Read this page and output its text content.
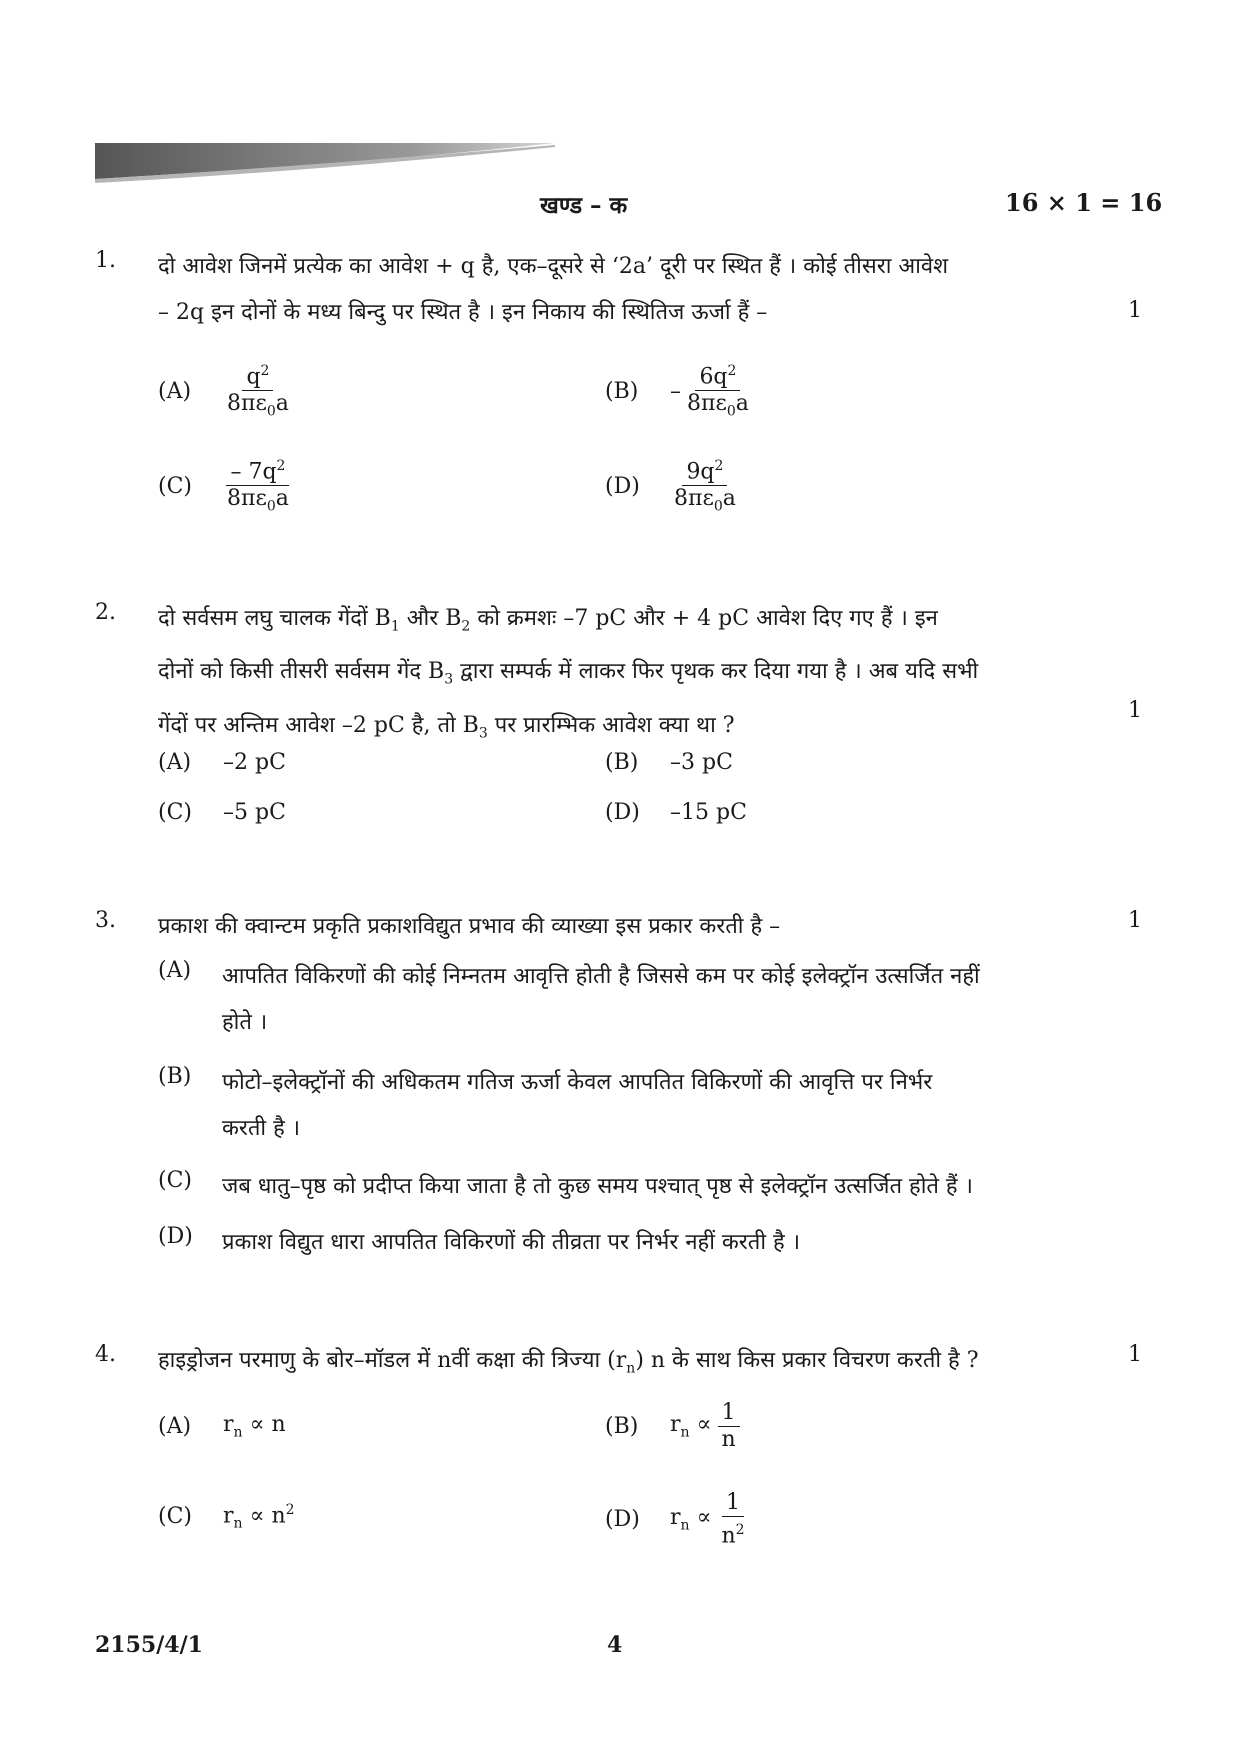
खण्ड – क	16 × 1 = 16
1. दो आवेश जिनमें प्रत्येक का आवेश + q है, एक–दूसरे से ‘2a’ दूरी पर स्थित हैं । कोई तीसरा आवेश

– 2q इन दोनों के मध्य बिन्दु पर स्थित है । इन निकाय की स्थितिज ऊर्जा हैं –	1
(A)	$\frac{q^2}{8\pi\varepsilon_0a}$	(B)	– $\frac{6q^2}{8\pi\varepsilon_0a}$
(C)	$\frac{- 7q^2}{8\pi\varepsilon_0a}$	(D)	$\frac{9q^2}{8\pi\varepsilon_0a}$
2. दो सर्वसम लघु चालक गेंदों $B_1$ और $B_2$ को क्रमशः –7 pC और + 4 pC आवेश दिए गए हैं । इन

दोनों को किसी तीसरी सर्वसम गेंद $B_3$ द्वारा सम्पर्क में लाकर फिर पृथक कर दिया गया है । अब यदि सभी

गेंदों पर अन्तिम आवेश –2 pC है, तो $B_3$ पर प्रारम्भिक आवेश क्या था ?

1
(A)	–2 pC	(B)	–3 pC
(C)	–5 pC	(D)	–15 pC
3. प्रकाश की क्वान्टम प्रकृति प्रकाशविद्युत प्रभाव की व्याख्या इस प्रकार करती है –	1
(A) आपतित विकिरणों की कोई निम्नतम आवृत्ति होती है जिससे कम पर कोई इलेक्ट्रॉन उत्सर्जित नहीं
होते ।
(B) फोटो–इलेक्ट्रॉनों की अधिकतम गतिज ऊर्जा केवल आपतित विकिरणों की आवृत्ति पर निर्भर
करती है ।
(C) जब धातु–पृष्ठ को प्रदीप्त किया जाता है तो कुछ समय पश्चात् पृष्ठ से इलेक्ट्रॉन उत्सर्जित होते हैं ।
(D) प्रकाश विद्युत धारा आपतित विकिरणों की तीव्रता पर निर्भर नहीं करती है ।
4. हाइड्रोजन परमाणु के बोर–मॉडल में nवीं कक्षा की त्रिज्या $(r_n)$ n के साथ किस प्रकार विचरण करती है ?	1
(A)	$r_n \propto n$	(B)	$r_n \propto \frac{1}{n}$
(C)	$r_n \propto n^2$	(D)	$r_n \propto \frac{1}{n^2}$
2155/4/1	4
